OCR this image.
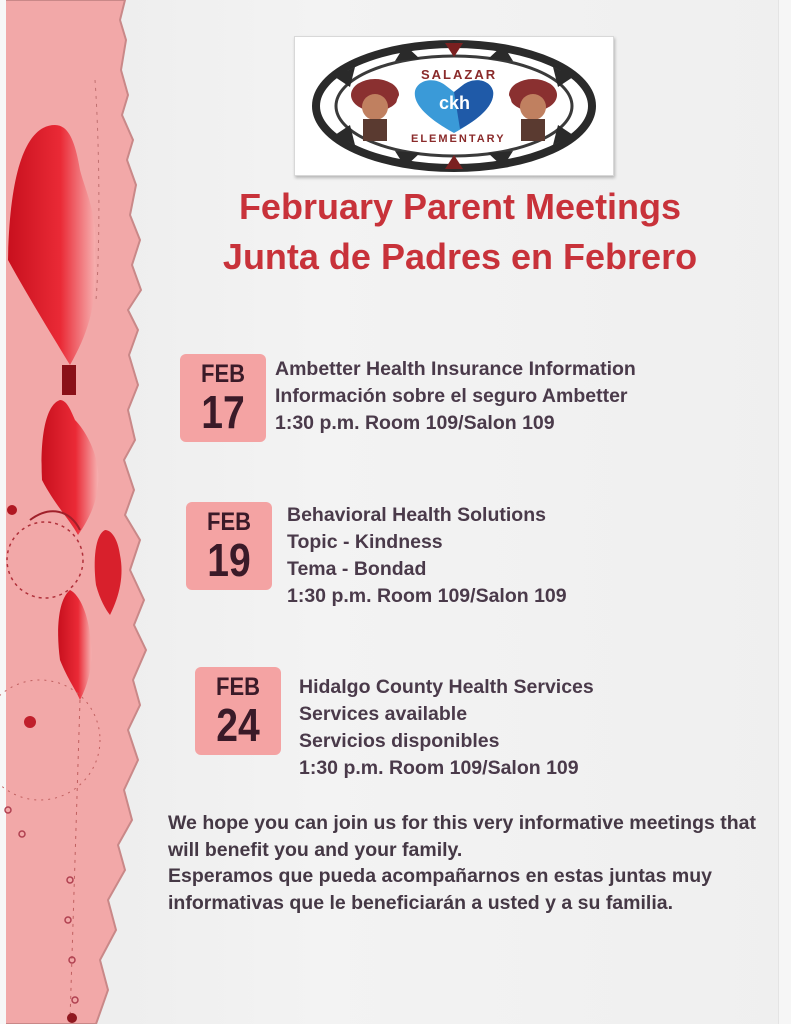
SALAZAR
ELEMENTARY
ckh
February Parent Meetings
Junta de Padres en Febrero
FEB
17
Ambetter Health Insurance Information
Información sobre el seguro Ambetter
1:30 p.m. Room 109/Salon 109
FEB
19
Behavioral Health Solutions
Topic - Kindness
Tema - Bondad
1:30 p.m. Room 109/Salon 109
FEB
24
Hidalgo County Health Services
Services available
Servicios disponibles
1:30 p.m. Room 109/Salon 109
We hope you can join us for this very informative meetings that will benefit you and your family.
Esperamos que pueda acompañarnos en estas juntas muy informativas que le beneficiarán a usted y a su familia.
